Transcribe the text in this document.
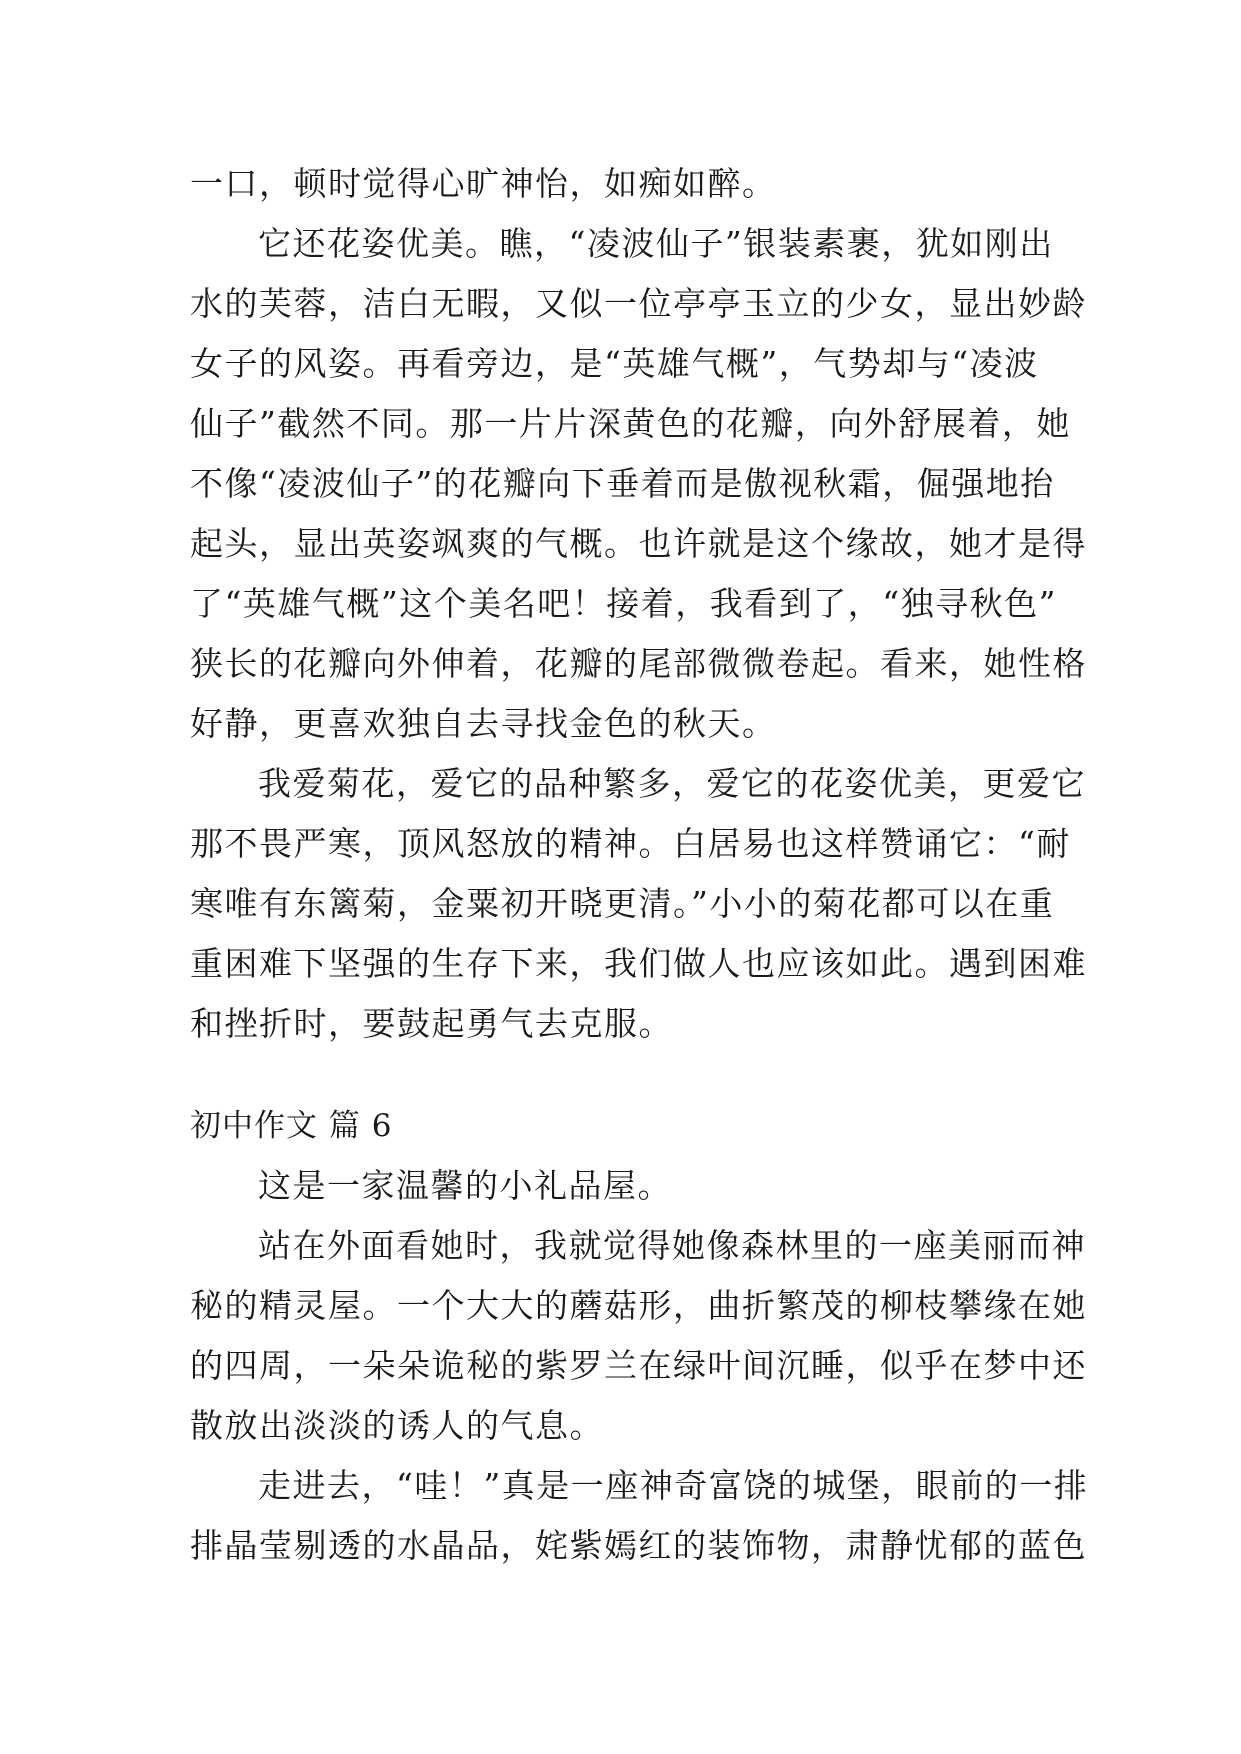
一口，顿时觉得心旷神怡，如痴如醉。
它还花姿优美。瞧，“凌波仙子”银装素裹，犹如刚出
水的芙蓉，洁白无暇，又似一位亭亭玉立的少女，显出妙龄
女子的风姿。再看旁边，是“英雄气概”，气势却与“凌波
仙子”截然不同。那一片片深黄色的花瓣，向外舒展着，她
不像“凌波仙子”的花瓣向下垂着而是傲视秋霜，倔强地抬
起头，显出英姿飒爽的气概。也许就是这个缘故，她才是得
了“英雄气概”这个美名吧！接着，我看到了，“独寻秋色”
狭长的花瓣向外伸着，花瓣的尾部微微卷起。看来，她性格
好静，更喜欢独自去寻找金色的秋天。
我爱菊花，爱它的品种繁多，爱它的花姿优美，更爱它
那不畏严寒，顶风怒放的精神。白居易也这样赞诵它：“耐
寒唯有东篱菊，金粟初开晓更清。”小小的菊花都可以在重
重困难下坚强的生存下来，我们做人也应该如此。遇到困难
和挫折时，要鼓起勇气去克服。
初中作文 篇 6
这是一家温馨的小礼品屋。
站在外面看她时，我就觉得她像森林里的一座美丽而神
秘的精灵屋。一个大大的蘑菇形，曲折繁茂的柳枝攀缘在她
的四周，一朵朵诡秘的紫罗兰在绿叶间沉睡，似乎在梦中还
散放出淡淡的诱人的气息。
走进去，“哇！”真是一座神奇富饶的城堡，眼前的一排
排晶莹剔透的水晶品，姹紫嫣红的装饰物，肃静忧郁的蓝色
